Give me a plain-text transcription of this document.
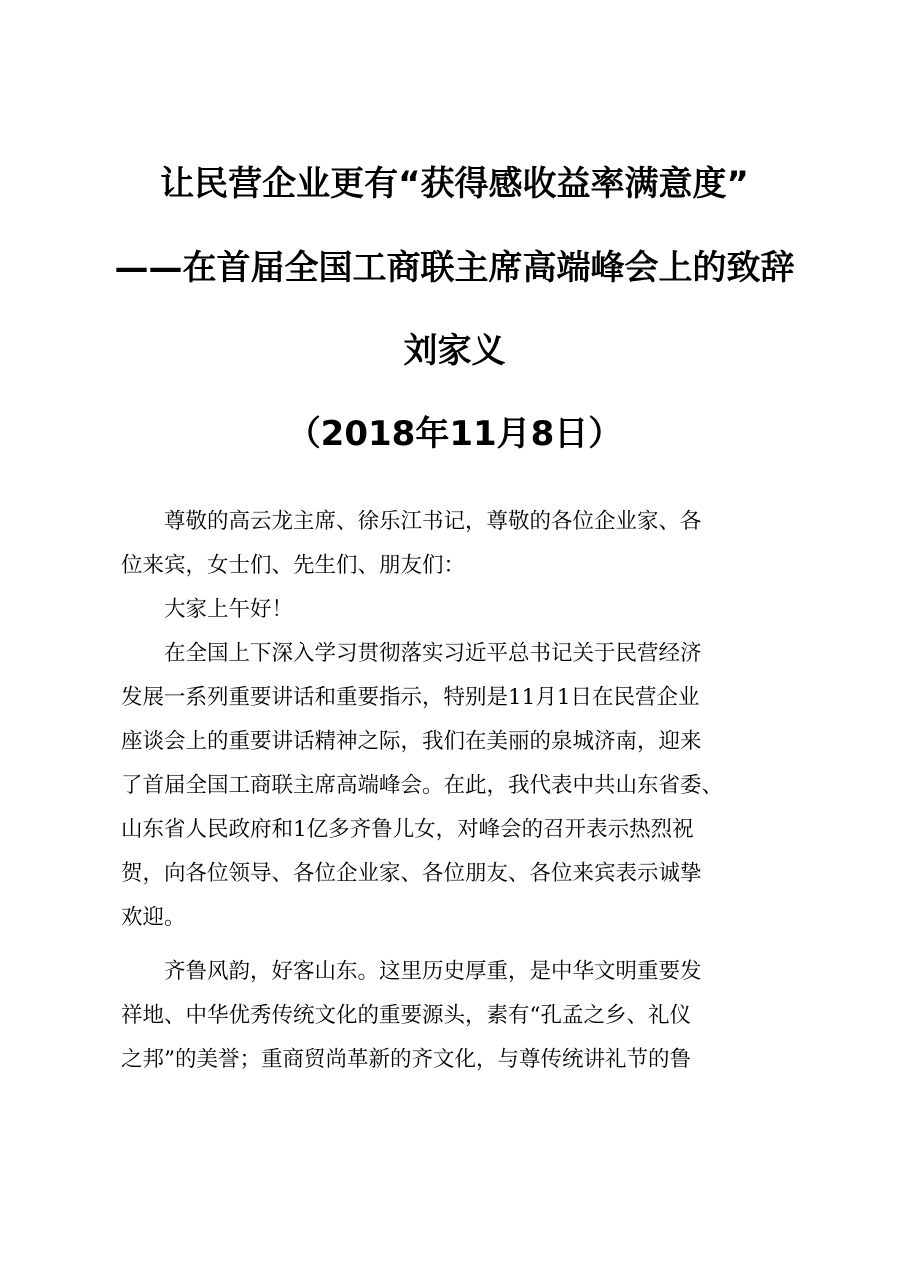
让民营企业更有“获得感收益率满意度”
——在首届全国工商联主席高端峰会上的致辞
刘家义
（2018年11月8日）

尊敬的高云龙主席、徐乐江书记，尊敬的各位企业家、各
位来宾，女士们、先生们、朋友们：

大家上午好！

在全国上下深入学习贯彻落实习近平总书记关于民营经济
发展一系列重要讲话和重要指示，特别是11月1日在民营企业
座谈会上的重要讲话精神之际，我们在美丽的泉城济南，迎来
了首届全国工商联主席高端峰会。在此，我代表中共山东省委、
山东省人民政府和1亿多齐鲁儿女，对峰会的召开表示热烈祝
贺，向各位领导、各位企业家、各位朋友、各位来宾表示诚挚
欢迎。

齐鲁风韵，好客山东。这里历史厚重，是中华文明重要发
祥地、中华优秀传统文化的重要源头，素有“孔孟之乡、礼仪
之邦”的美誉；重商贸尚革新的齐文化，与尊传统讲礼节的鲁
